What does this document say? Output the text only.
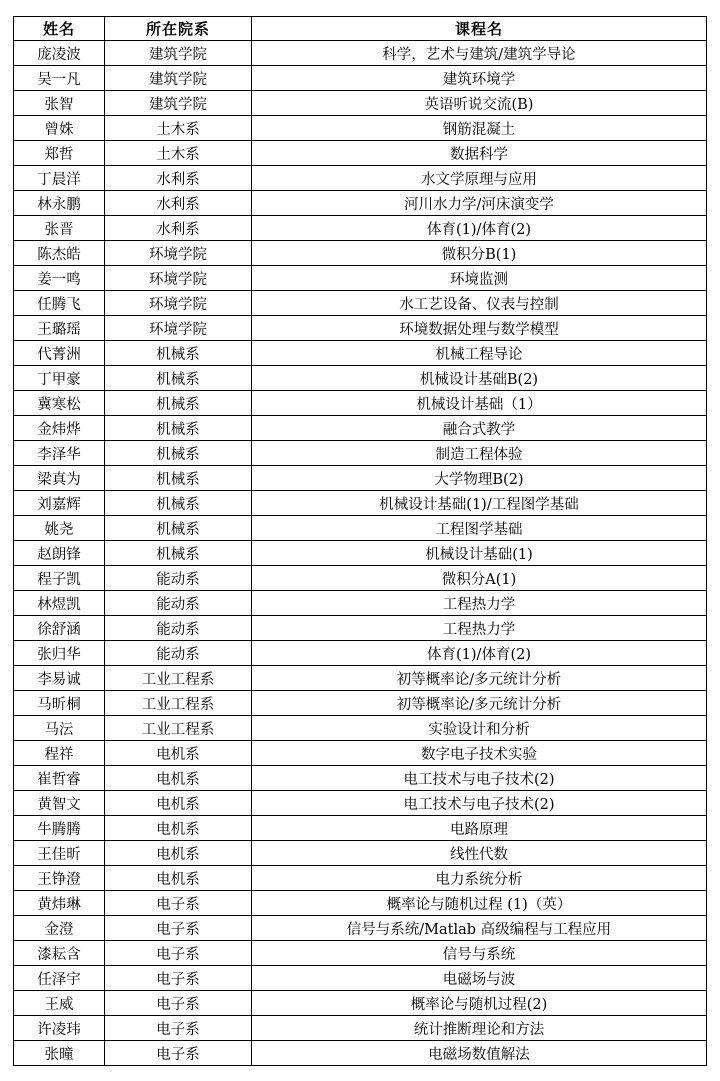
姓名	所在院系	课程名
庞凌波	建筑学院	科学，艺术与建筑/建筑学导论
吴一凡	建筑学院	建筑环境学
张智	建筑学院	英语听说交流(B)
曾姝	土木系	钢筋混凝土
郑哲	土木系	数据科学
丁晨洋	水利系	水文学原理与应用
林永鹏	水利系	河川水力学/河床演变学
张晋	水利系	体育(1)/体育(2)
陈杰皓	环境学院	微积分B(1)
姜一鸣	环境学院	环境监测
任腾飞	环境学院	水工艺设备、仪表与控制
王璐瑶	环境学院	环境数据处理与数学模型
代菁洲	机械系	机械工程导论
丁甲豪	机械系	机械设计基础B(2)
冀寒松	机械系	机械设计基础（1）
金炜烨	机械系	融合式教学
李泽华	机械系	制造工程体验
梁真为	机械系	大学物理B(2)
刘嘉辉	机械系	机械设计基础(1)/工程图学基础
姚尧	机械系	工程图学基础
赵朗锋	机械系	机械设计基础(1)
程子凯	能动系	微积分A(1)
林煜凯	能动系	工程热力学
徐舒涵	能动系	工程热力学
张归华	能动系	体育(1)/体育(2)
李易诚	工业工程系	初等概率论/多元统计分析
马昕桐	工业工程系	初等概率论/多元统计分析
马沄	工业工程系	实验设计和分析
程祥	电机系	数字电子技术实验
崔哲睿	电机系	电工技术与电子技术(2)
黄智文	电机系	电工技术与电子技术(2)
牛腾腾	电机系	电路原理
王佳昕	电机系	线性代数
王铮澄	电机系	电力系统分析
黄炜琳	电子系	概率论与随机过程 (1)（英）
金澄	电子系	信号与系统/Matlab 高级编程与工程应用
漆耘含	电子系	信号与系统
任泽宇	电子系	电磁场与波
王威	电子系	概率论与随机过程(2)
许凌玮	电子系	统计推断理论和方法
张曈	电子系	电磁场数值解法
